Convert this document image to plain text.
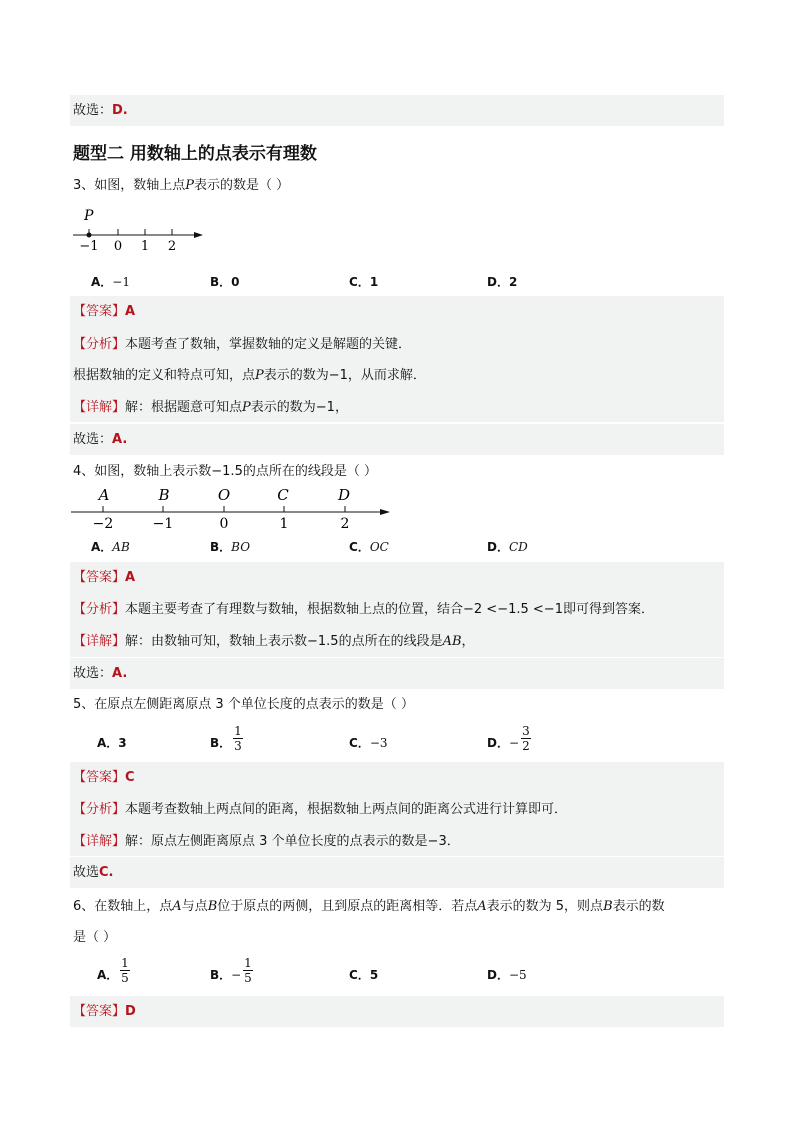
故选：D.
题型二 用数轴上的点表示有理数
3、如图，数轴上点P表示的数是（ ）
P
−1 0 1 2
A．−1	B．0	C．1	D．2
【答案】A
【分析】本题考查了数轴，掌握数轴的定义是解题的关键．
根据数轴的定义和特点可知，点P表示的数为−1，从而求解．
【详解】解：根据题意可知点P表示的数为−1，
故选：A.
4、如图，数轴上表示数−1.5的点所在的线段是（ ）
A	B	O	C	D
−2	−1	0	1	2
A．AB	B．BO	C．OC	D．CD
【答案】A
【分析】本题主要考查了有理数与数轴，根据数轴上点的位置，结合−2 <−1.5 <−1即可得到答案．
【详解】解：由数轴可知，数轴上表示数−1.5的点所在的线段是AB，
故选：A.
5、在原点左侧距离原点 3 个单位长度的点表示的数是（ ）
A．3	B．
1
3	C．−3	D．−
3
2
【答案】C
【分析】本题考查数轴上两点间的距离，根据数轴上两点间的距离公式进行计算即可．
【详解】解：原点左侧距离原点 3 个单位长度的点表示的数是−3．
故选C.
6、在数轴上，点A与点B位于原点的两侧，且到原点的距离相等．若点A表示的数为 5，则点B表示的数
是（ ）
A．
1
5	B．−
1
5	C．5	D．−5
【答案】D
